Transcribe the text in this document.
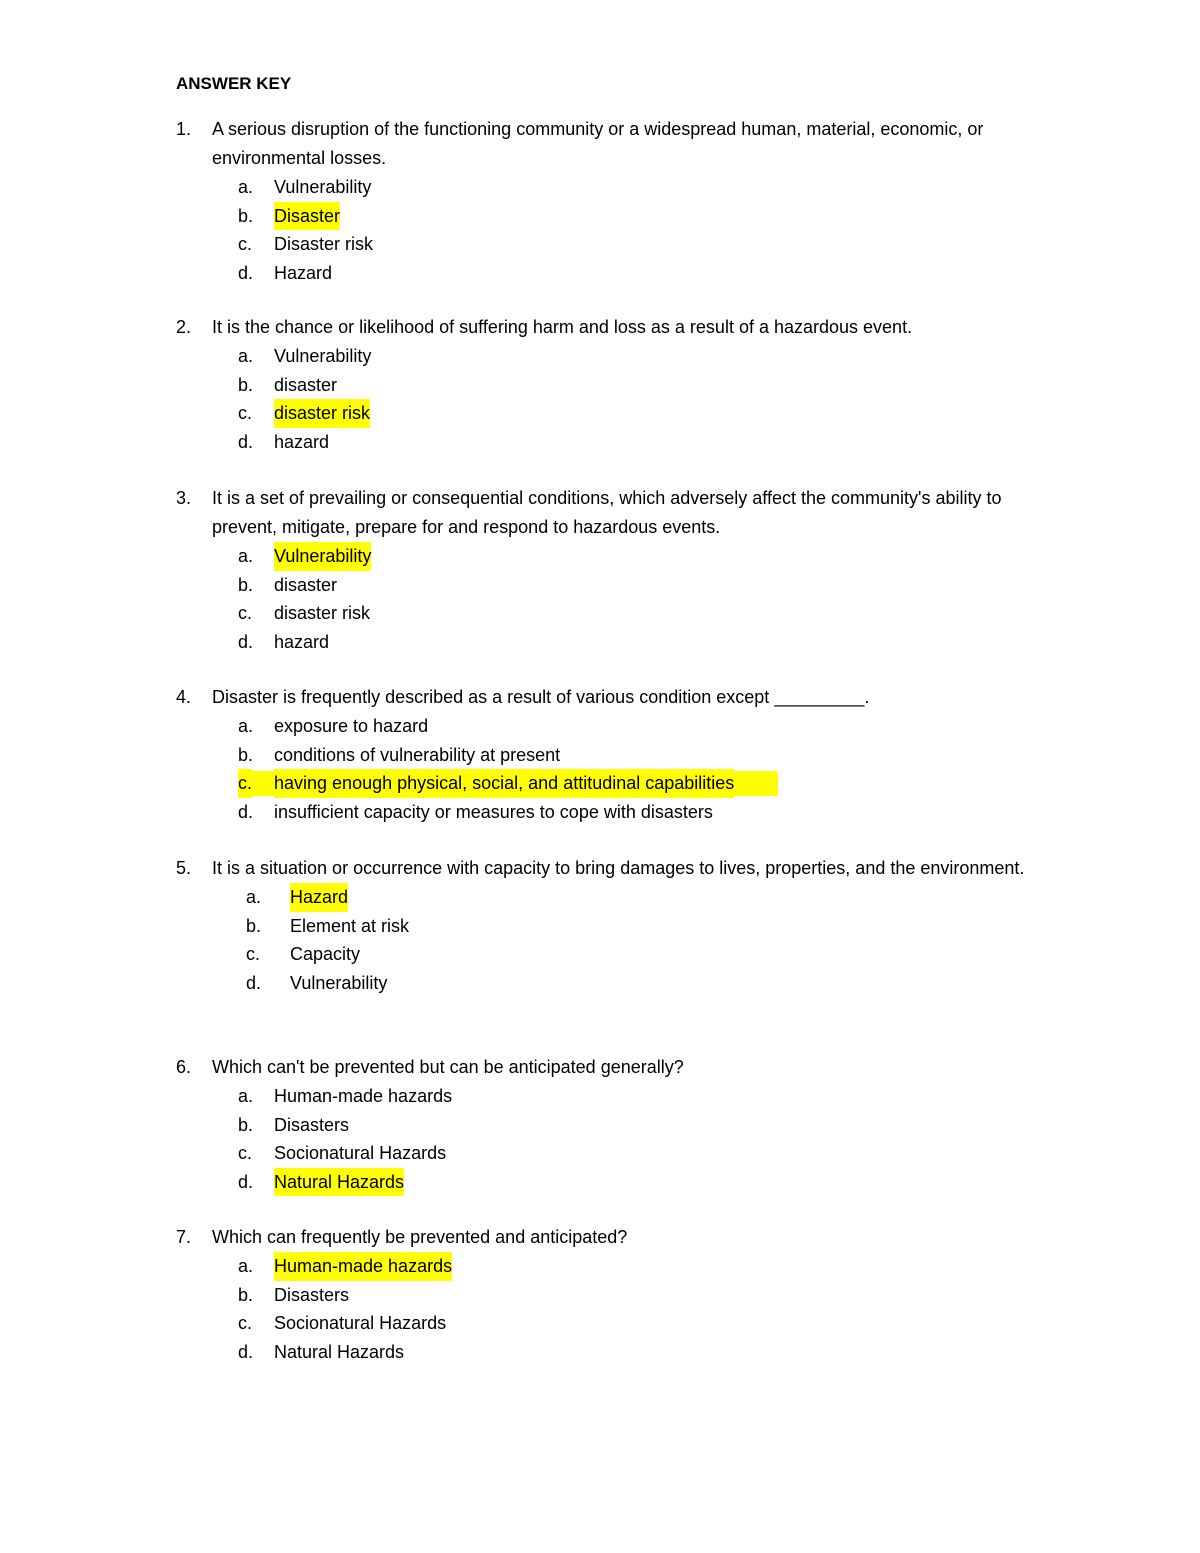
ANSWER KEY
1. A serious disruption of the functioning community or a widespread human, material, economic, or environmental losses.
a. Vulnerability
b. Disaster
c. Disaster risk
d. Hazard
2. It is the chance or likelihood of suffering harm and loss as a result of a hazardous event.
a. Vulnerability
b. disaster
c. disaster risk
d. hazard
3. It is a set of prevailing or consequential conditions, which adversely affect the community's ability to prevent, mitigate, prepare for and respond to hazardous events.
a. Vulnerability
b. disaster
c. disaster risk
d. hazard
4. Disaster is frequently described as a result of various condition except _________.
a. exposure to hazard
b. conditions of vulnerability at present
c. having enough physical, social, and attitudinal capabilities
d. insufficient capacity or measures to cope with disasters
5. It is a situation or occurrence with capacity to bring damages to lives, properties, and the environment.
a. Hazard
b. Element at risk
c. Capacity
d. Vulnerability
6. Which can't be prevented but can be anticipated generally?
a. Human-made hazards
b. Disasters
c. Socionatural Hazards
d. Natural Hazards
7. Which can frequently be prevented and anticipated?
a. Human-made hazards
b. Disasters
c. Socionatural Hazards
d. Natural Hazards
